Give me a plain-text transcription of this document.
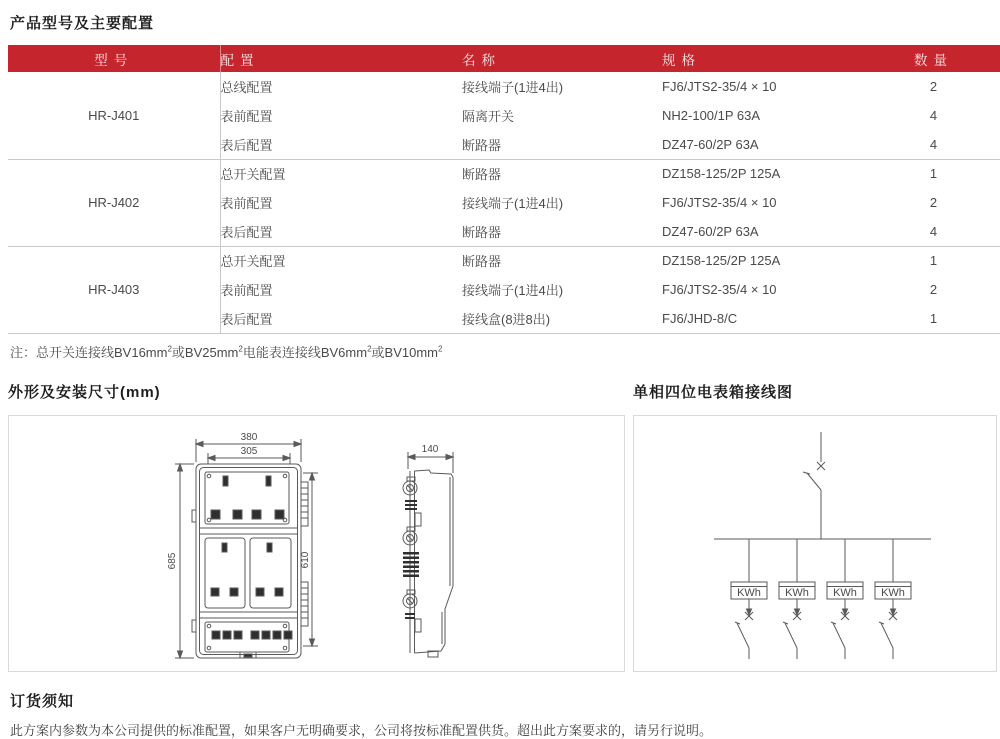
产品型号及主要配置
型号	配置	名称	规格	数量
HR-J401	总线配置	接线端子(1进4出)	FJ6/JTS2-35/4 × 10	2
	表前配置	隔离开关	NH2-100/1P 63A	4
	表后配置	断路器	DZ47-60/2P 63A	4
HR-J402	总开关配置	断路器	DZ158-125/2P 125A	1
	表前配置	接线端子(1进4出)	FJ6/JTS2-35/4 × 10	2
	表后配置	断路器	DZ47-60/2P 63A	4
HR-J403	总开关配置	断路器	DZ158-125/2P 125A	1
	表前配置	接线端子(1进4出)	FJ6/JTS2-35/4 × 10	2
	表后配置	接线盒(8进8出)	FJ6/JHD-8/C	1
注：总开关连接线$BV16mm^2$或$BV25mm^2$电能表连接线$BV6mm^2$或$BV10mm^2$
外形及安装尺寸(mm)	单相四位电表箱接线图
380
305
685	610
140
KWh KWh KWh KWh
订货须知
此方案内参数为本公司提供的标准配置，如果客户无明确要求，公司将按标准配置供货。超出此方案要求的，请另行说明。
